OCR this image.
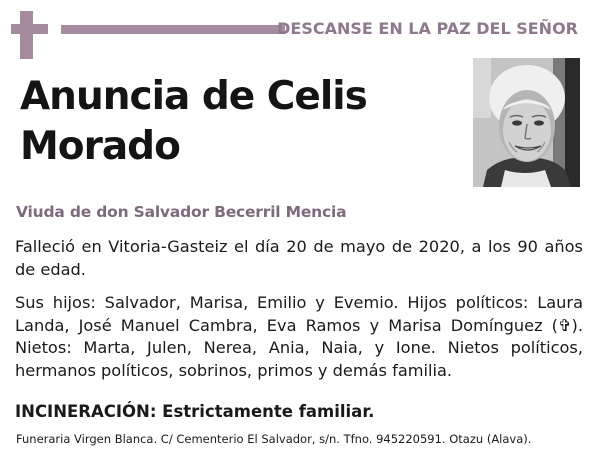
DESCANSE EN LA PAZ DEL SEÑOR
Anuncia de Celis
Morado
Viuda de don Salvador Becerril Mencia
Falleció en Vitoria-Gasteiz el día 20 de mayo de 2020, a los 90 años de edad.
Sus hijos: Salvador, Marisa, Emilio y Evemio. Hijos políticos: Laura Landa, José Manuel Cambra, Eva Ramos y Marisa Domínguez (✞). Nietos: Marta, Julen, Nerea, Ania, Naia, y Ione. Nietos políticos, hermanos políticos, sobrinos, primos y demás familia.
INCINERACIÓN: Estrictamente familiar.
Funeraria Virgen Blanca. C/ Cementerio El Salvador, s/n. Tfno. 945220591. Otazu (Alava).
